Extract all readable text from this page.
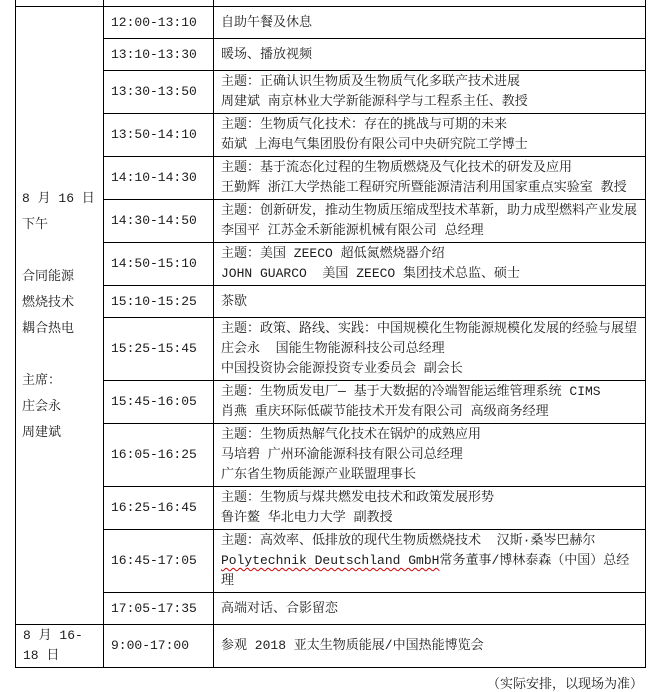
8 月 16 日
下午
合同能源
燃烧技术
耦合热电
主席：
庄会永
周建斌
	12:00-13:10	自助午餐及休息

	13:10-13:30	暖场、播放视频

	13:30-13:50	主题：正确认识生物质及生物质气化多联产技术进展
周建斌 南京林业大学新能源科学与工程系主任、教授

	13:50-14:10	主题：生物质气化技术：存在的挑战与可期的未来
茹斌 上海电气集团股份有限公司中央研究院工学博士

	14:10-14:30	主题：基于流态化过程的生物质燃烧及气化技术的研发及应用
王勤辉 浙江大学热能工程研究所暨能源清洁利用国家重点实验室 教授

	14:30-14:50	主题：创新研发，推动生物质压缩成型技术革新，助力成型燃料产业发展
李国平 江苏金禾新能源机械有限公司 总经理

	14:50-15:10	主题：美国 ZEECO 超低氮燃烧器介绍
JOHN GUARCO  美国 ZEECO 集团技术总监、硕士

	15:10-15:25	茶歇

	15:25-15:45	主题：政策、路线、实践：中国规模化生物能源规模化发展的经验与展望
庄会永  国能生物能源科技公司总经理
中国投资协会能源投资专业委员会 副会长

	15:45-16:05	主题：生物质发电厂— 基于大数据的冷端智能运维管理系统 CIMS
肖燕 重庆环际低碳节能技术开发有限公司 高级商务经理

	16:05-16:25	主题：生物质热解气化技术在锅炉的成熟应用
马培碧 广州环渝能源科技有限公司总经理
广东省生物质能源产业联盟理事长

	16:25-16:45	主题：生物质与煤共燃发电技术和政策发展形势
鲁许鳌 华北电力大学 副教授

	16:45-17:05	主题：高效率、低排放的现代生物质燃烧技术  汉斯·桑岑巴赫尔
Polytechnik Deutschland GmbH常务董事/博林泰森（中国）总经理

	17:05-17:35	高端对话、合影留恋

8 月 16-18 日	9:00-17:00	参观 2018 亚太生物质能展/中国热能博览会
（实际安排，以现场为准）
